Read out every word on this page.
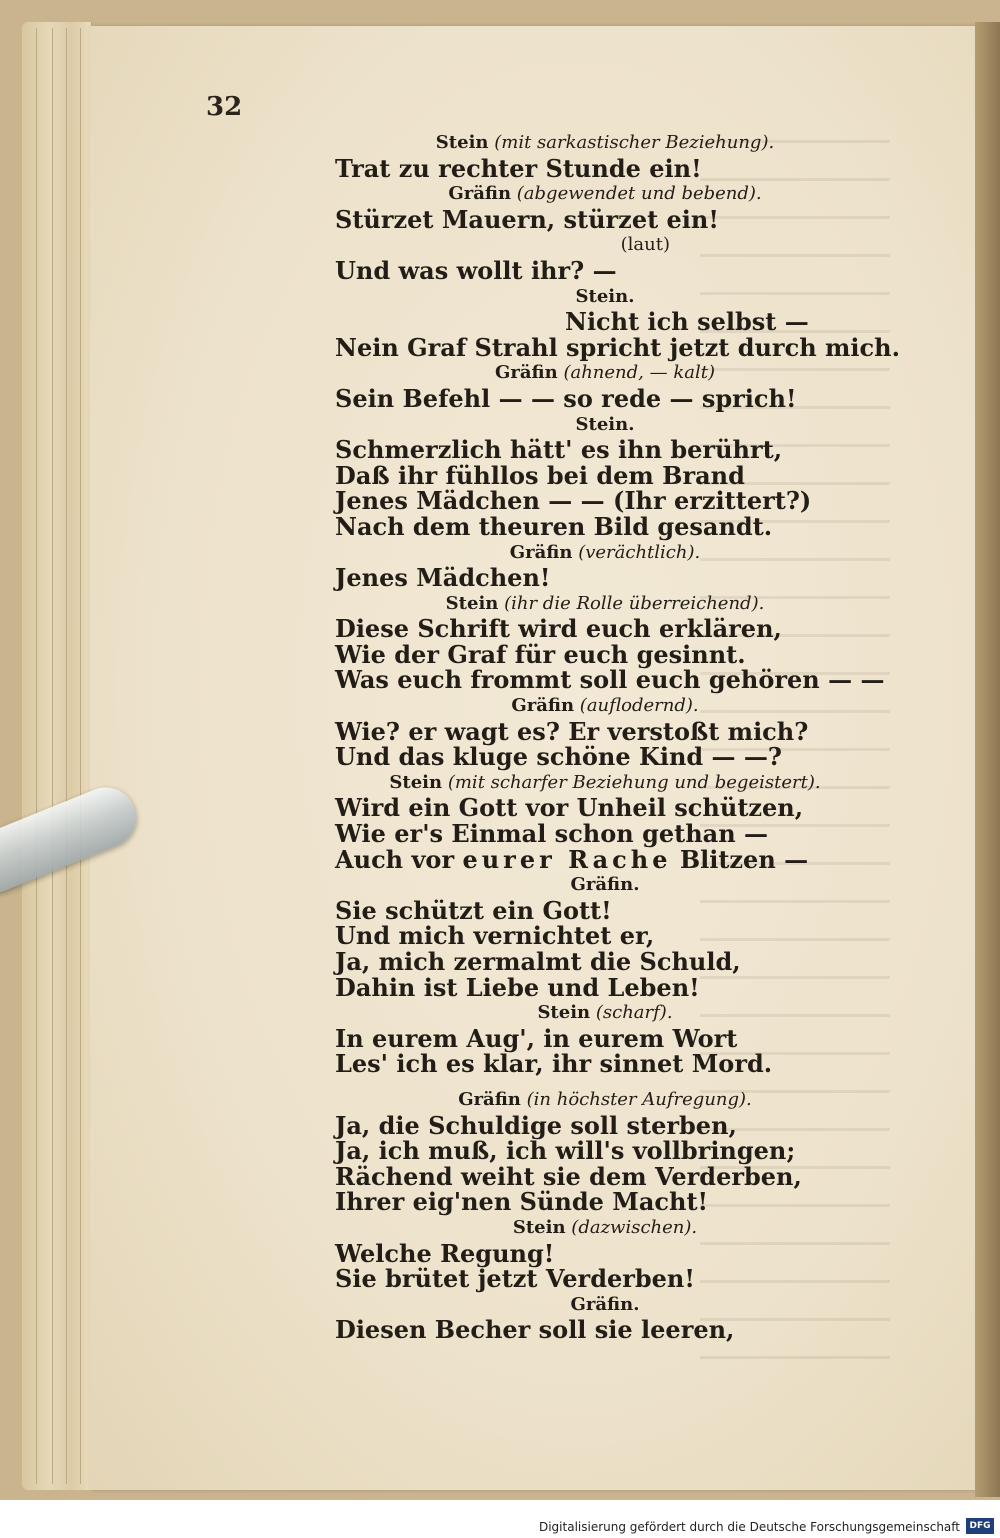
32
Stein (mit sarkastischer Beziehung).
Trat zu rechter Stunde ein!
Gräfin (abgewendet und bebend).
Stürzet Mauern, stürzet ein!
(laut)
Und was wollt ihr? —
Stein.
Nicht ich selbst —
Nein Graf Strahl spricht jetzt durch mich.
Gräfin (ahnend, — kalt)
Sein Befehl — — so rede — sprich!
Stein.
Schmerzlich hätt' es ihn berührt,
Daß ihr fühllos bei dem Brand
Jenes Mädchen — — (Ihr erzittert?)
Nach dem theuren Bild gesandt.
Gräfin (verächtlich).
Jenes Mädchen!
Stein (ihr die Rolle überreichend).
Diese Schrift wird euch erklären,
Wie der Graf für euch gesinnt.
Was euch frommt soll euch gehören — —
Gräfin (auflodernd).
Wie? er wagt es? Er verstoßt mich?
Und das kluge schöne Kind — —?
Stein (mit scharfer Beziehung und begeistert).
Wird ein Gott vor Unheil schützen,
Wie er's Einmal schon gethan —
Auch vor eurer Rache Blitzen —
Gräfin.
Sie schützt ein Gott!
Und mich vernichtet er,
Ja, mich zermalmt die Schuld,
Dahin ist Liebe und Leben!
Stein (scharf).
In eurem Aug', in eurem Wort
Les' ich es klar, ihr sinnet Mord.
Gräfin (in höchster Aufregung).
Ja, die Schuldige soll sterben,
Ja, ich muß, ich will's vollbringen;
Rächend weiht sie dem Verderben,
Ihrer eig'nen Sünde Macht!
Stein (dazwischen).
Welche Regung!
Sie brütet jetzt Verderben!
Gräfin.
Diesen Becher soll sie leeren,
Digitalisierung gefördert durch die Deutsche Forschungsgemeinschaft	DFG
